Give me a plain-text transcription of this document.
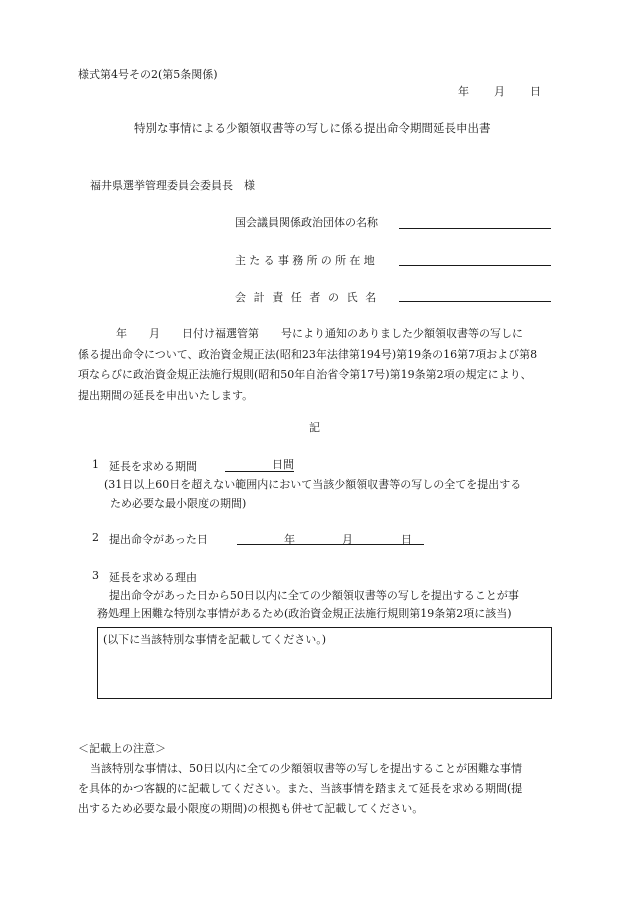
様式第4号その2(第5条関係)
年　　月　　日
特別な事情による少額領収書等の写しに係る提出命令期間延長申出書
福井県選挙管理委員会委員長　様
国会議員関係政治団体の名称
主たる事務所の所在地
会計責任者の氏名
年　　月　　日付け福選管第　　号により通知のありました少額領収書等の写しに
係る提出命令について、政治資金規正法(昭和23年法律第194号)第19条の16第7項および第8
項ならびに政治資金規正法施行規則(昭和50年自治省令第17号)第19条第2項の規定により、
提出期間の延長を申出いたします。
記
1 延長を求める期間	日間
(31日以上60日を超えない範囲内において当該少額領収書等の写しの全てを提出する
ため必要な最小限度の期間)
2 提出命令があった日	年	月	日
3 延長を求める理由
提出命令があった日から50日以内に全ての少額領収書等の写しを提出することが事
務処理上困難な特別な事情があるため(政治資金規正法施行規則第19条第2項に該当)
(以下に当該特別な事情を記載してください。)
＜記載上の注意＞
当該特別な事情は、50日以内に全ての少額領収書等の写しを提出することが困難な事情
を具体的かつ客観的に記載してください。また、当該事情を踏まえて延長を求める期間(提
出するため必要な最小限度の期間)の根拠も併せて記載してください。
